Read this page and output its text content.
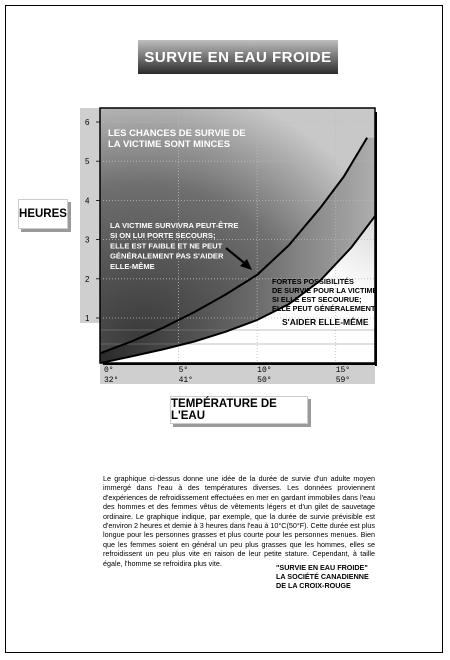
SURVIE EN EAU FROIDE
HEURES
1
2
3
4
5
6
0°
32°
5°
41°
10°
50°
15°
59°
LES CHANCES DE SURVIE DE
LA VICTIME SONT MINCES
LA VICTIME SURVIVRA PEUT-ÊTRE
SI ON LUI PORTE SECOURS;
ELLE EST FAIBLE ET NE PEUT
GÉNÉRALEMENT PAS S'AIDER
ELLE-MÊME
FORTES POSSIBILITÉS
DE SURVIE POUR LA VICTIME
SI ELLE EST SECOURUE;
ELLE PEUT GÉNÉRALEMENT
S'AIDER ELLE-MÊME
TEMPÉRATURE DE L'EAU

Le graphique ci-dessus donne une idée de la durée de survie d'un adulte moyen immergé dans l'eau à des températures diverses. Les données proviennent d'expériences de refroidissement effectuées en mer en gardant immobiles dans l'eau des hommes et des femmes vêtus de vêtements légers et d'un gilet de sauvetage ordinaire. Le graphique indique, par exemple, que la durée de survie prévisible est d'environ 2 heures et demie à 3 heures dans l'eau à 10°C(50°F). Cette durée est plus longue pour les personnes grasses et plus courte pour les personnes menues. Bien que les femmes soient en général un peu plus grasses que les hommes, elles se refroidissent un peu plus vite en raison de leur petite stature. Cependant, à taille égale, l'homme se refroidira plus vite.	"SURVIE EN EAU FROIDE"
LA SOCIÉTÉ CANADIENNE
DE LA CROIX-ROUGE
